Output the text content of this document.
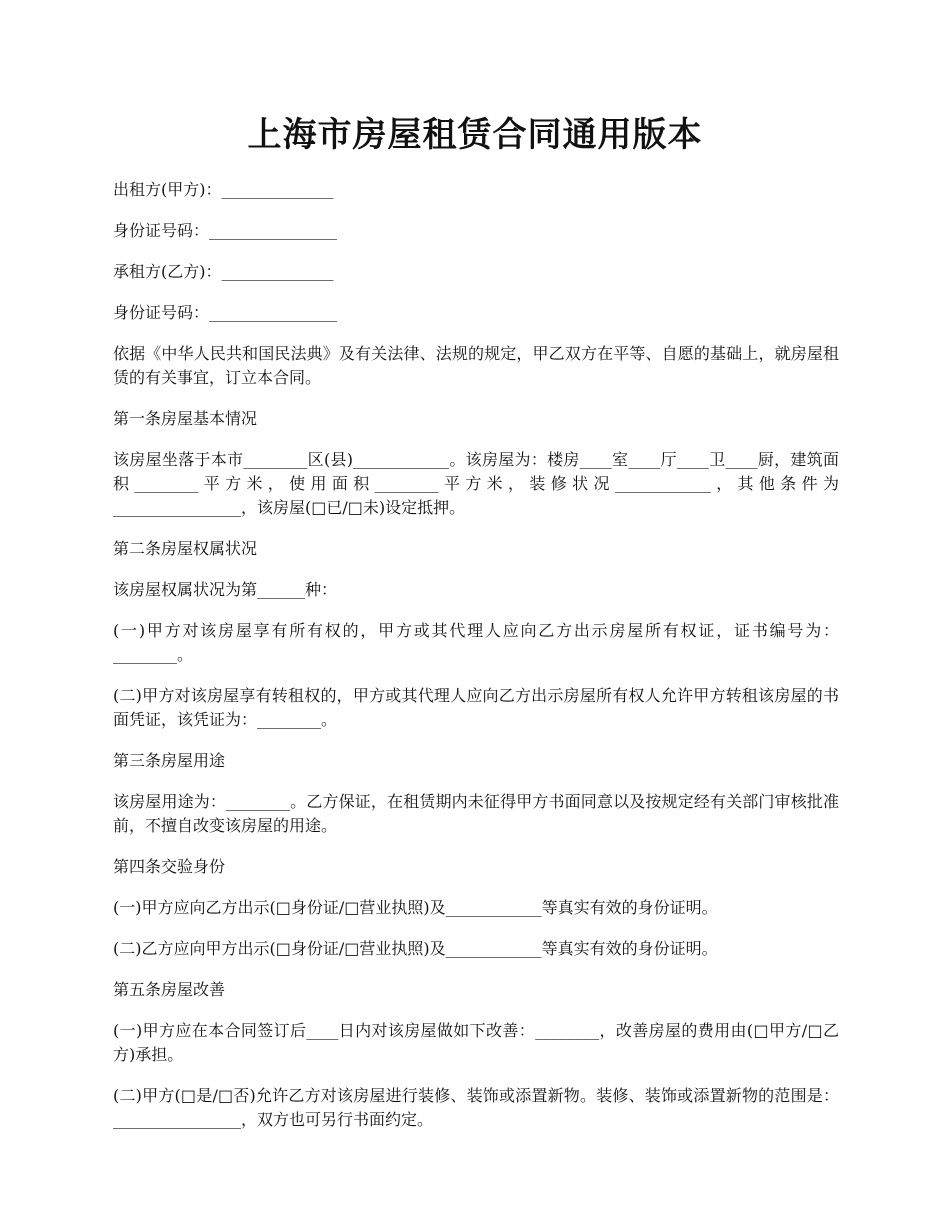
上海市房屋租赁合同通用版本

出租方(甲方)：______________

身份证号码：________________

承租方(乙方)：______________

身份证号码：________________

依据《中华人民共和国民法典》及有关法律、法规的规定，甲乙双方在平等、自愿的基础上，就房屋租赁的有关事宜，订立本合同。

第一条房屋基本情况

该房屋坐落于本市________区(县)____________。该房屋为：楼房____室____厅____卫____厨，建筑面积________平方米，使用面积________平方米，装修状况____________，其他条件为________________，该房屋(□已/□未)设定抵押。

第二条房屋权属状况

该房屋权属状况为第______种：

(一)甲方对该房屋享有所有权的，甲方或其代理人应向乙方出示房屋所有权证，证书编号为：________。

(二)甲方对该房屋享有转租权的，甲方或其代理人应向乙方出示房屋所有权人允许甲方转租该房屋的书面凭证，该凭证为：________。

第三条房屋用途

该房屋用途为：________。乙方保证，在租赁期内未征得甲方书面同意以及按规定经有关部门审核批准前，不擅自改变该房屋的用途。

第四条交验身份

(一)甲方应向乙方出示(□身份证/□营业执照)及____________等真实有效的身份证明。

(二)乙方应向甲方出示(□身份证/□营业执照)及____________等真实有效的身份证明。

第五条房屋改善

(一)甲方应在本合同签订后____日内对该房屋做如下改善：________，改善房屋的费用由(□甲方/□乙方)承担。

(二)甲方(□是/□否)允许乙方对该房屋进行装修、装饰或添置新物。装修、装饰或添置新物的范围是：________________，双方也可另行书面约定。
